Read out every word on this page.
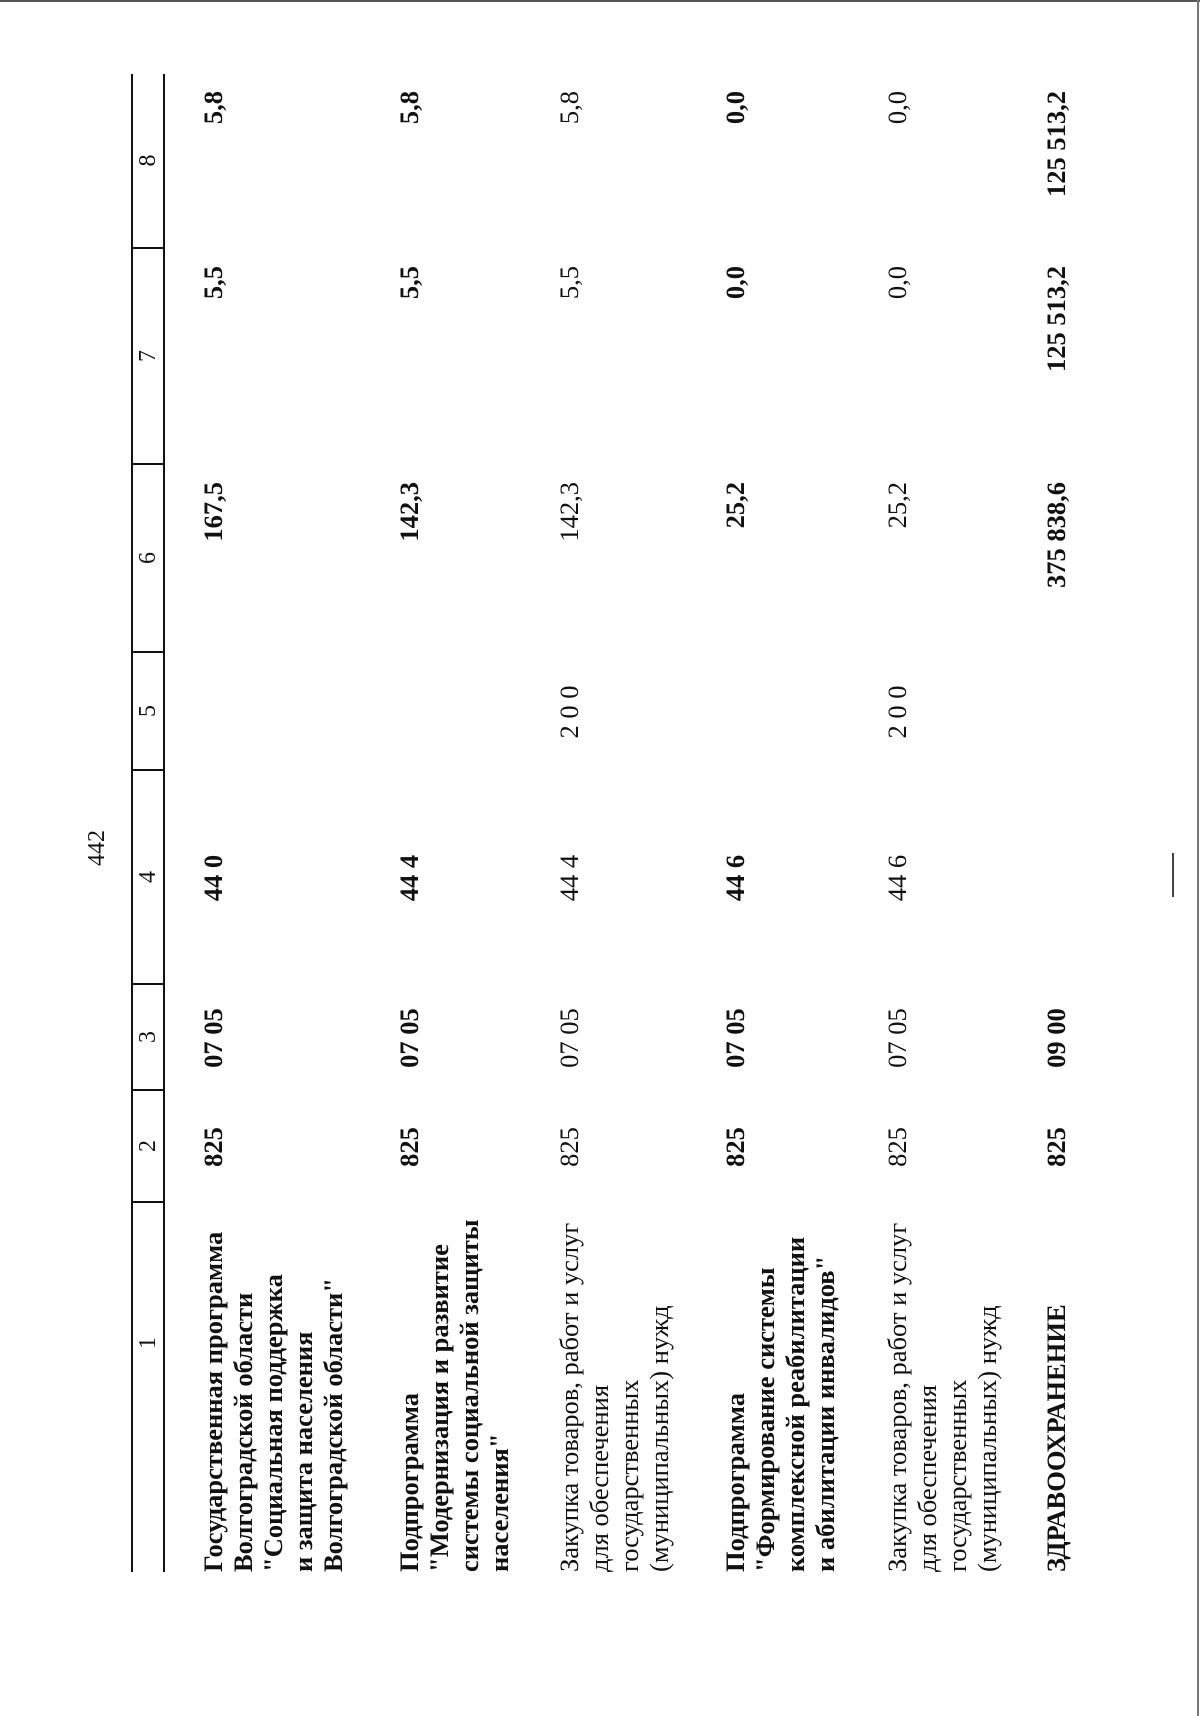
442
1
2
3
4
5
6
7
8
Государственная программа
Волгоградской области
"Социальная поддержка
и защита населения
Волгоградской области"
825
07 05
44 0
167,5
5,5
5,8
Подпрограмма
"Модернизация и развитие
системы социальной защиты
населения"
825
07 05
44 4
142,3
5,5
5,8
Закупка товаров, работ и услуг
для обеспечения
государственных
(муниципальных) нужд
825
07 05
44 4
2 0 0
142,3
5,5
5,8
Подпрограмма
"Формирование системы
комплексной реабилитации
и абилитации инвалидов"
825
07 05
44 6
25,2
0,0
0,0
Закупка товаров, работ и услуг
для обеспечения
государственных
(муниципальных) нужд
825
07 05
44 6
2 0 0
25,2
0,0
0,0
ЗДРАВООХРАНЕНИЕ
825
09 00
375 838,6
125 513,2
125 513,2
